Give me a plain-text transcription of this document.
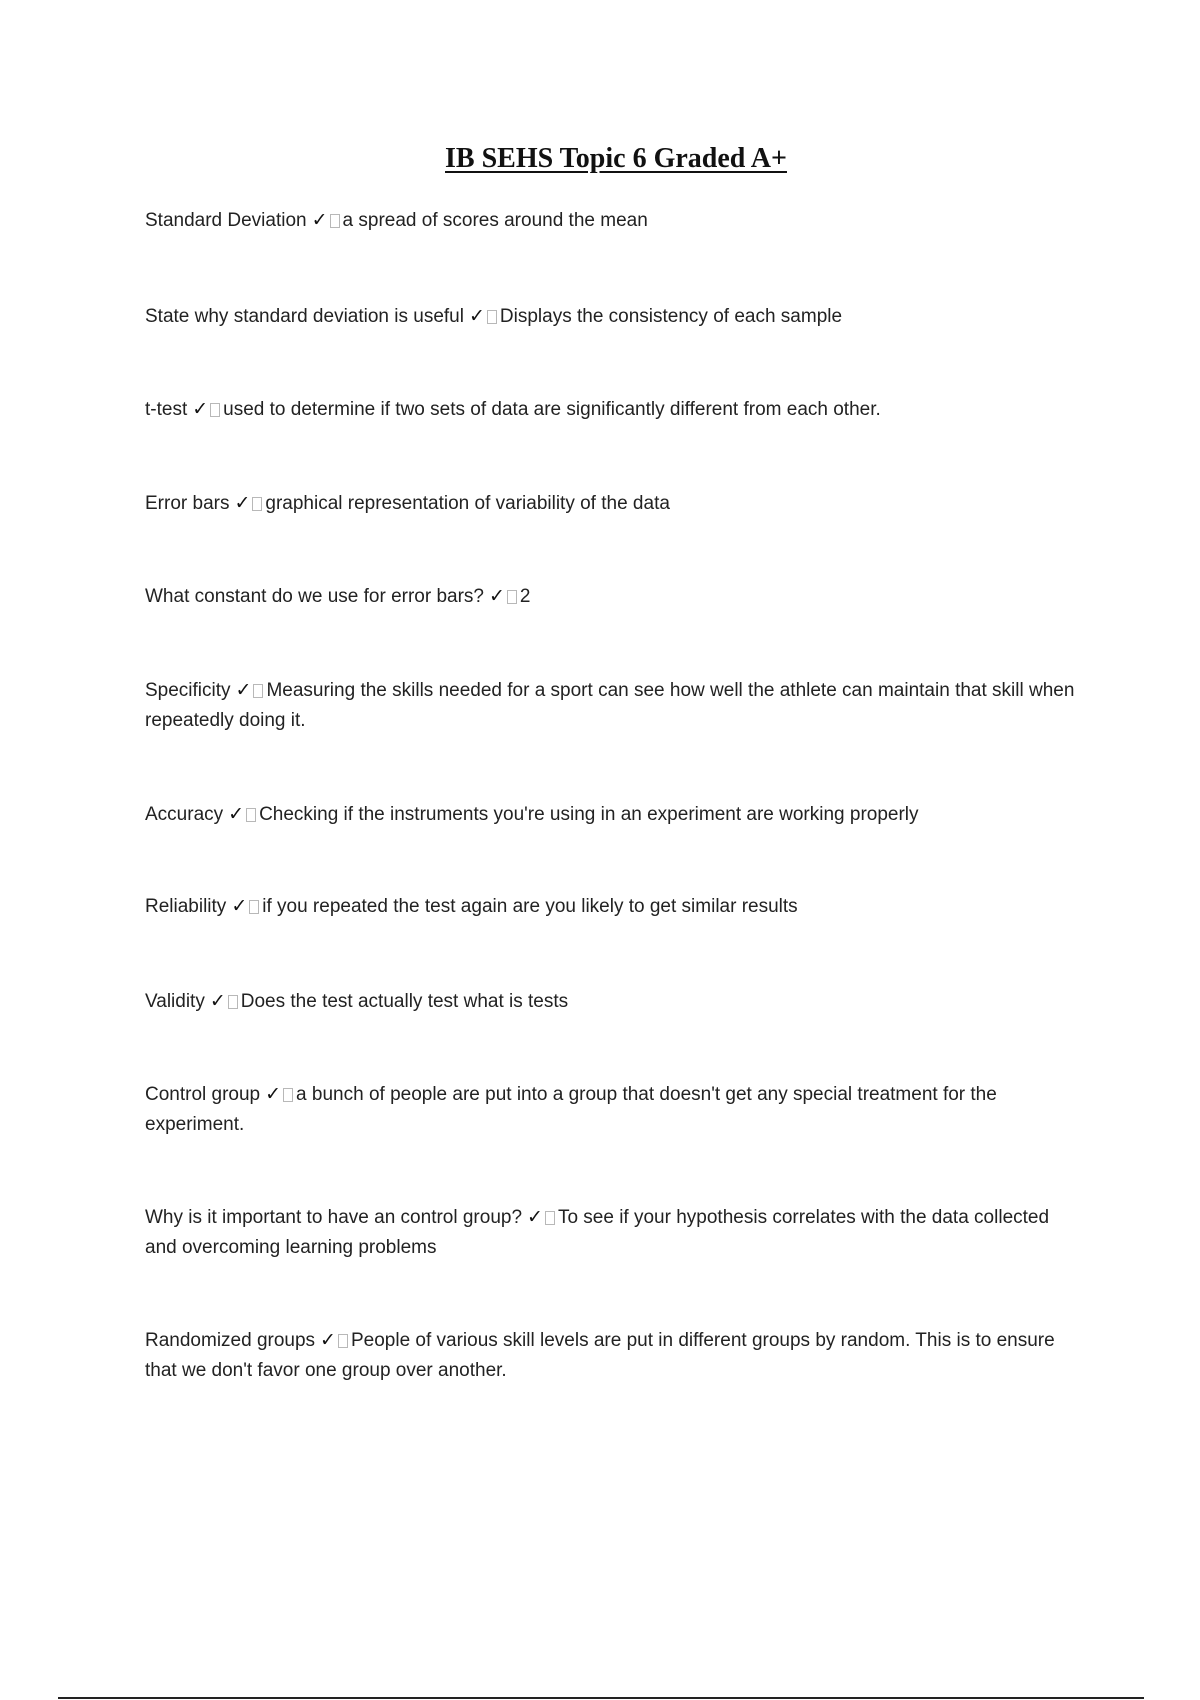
IB SEHS Topic 6 Graded A+
Standard Deviation ✓ a spread of scores around the mean
State why standard deviation is useful ✓ Displays the consistency of each sample
t-test ✓ used to determine if two sets of data are significantly different from each other.
Error bars ✓ graphical representation of variability of the data
What constant do we use for error bars? ✓ 2
Specificity ✓ Measuring the skills needed for a sport can see how well the athlete can maintain that skill when repeatedly doing it.
Accuracy ✓ Checking if the instruments you're using in an experiment are working properly
Reliability ✓ if you repeated the test again are you likely to get similar results
Validity ✓ Does the test actually test what is tests
Control group ✓ a bunch of people are put into a group that doesn't get any special treatment for the experiment.
Why is it important to have an control group? ✓ To see if your hypothesis correlates with the data collected and overcoming learning problems
Randomized groups ✓ People of various skill levels are put in different groups by random. This is to ensure that we don't favor one group over another.
